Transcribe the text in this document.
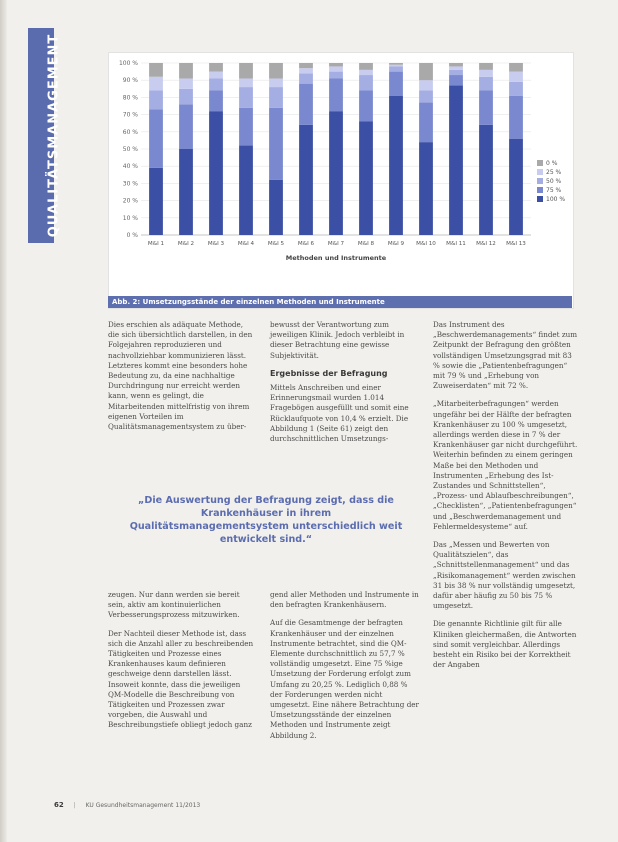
QUALITÄTSMANAGEMENT	0 %
10 %
20 %
30 %
40 %
50 %
60 %
70 %
80 %
90 %
100 %
M&I 1 M&I 2 M&I 3 M&I 4 M&I 5 M&I 6 M&I 7 M&I 8 M&I 9 M&I 10 M&I 11 M&I 12 M&I 13
Methoden und Instrumente
0 %
25 %
50 %
75 %
100 %
Abb. 2: Umsetzungsstände der einzelnen Methoden und Instrumente

Dies erschien als adäquate Methode, die sich übersichtlich darstellen, in den Folgejahren reproduzieren und nachvollziehbar kommunizieren lässt. Letzteres kommt eine besonders hohe Bedeutung zu, da eine nachhaltige Durchdringung nur erreicht werden kann, wenn es gelingt, die Mitarbeitenden mittelfristig von ihrem eigenen Vorteilen im Qualitätsmanagementsystem zu über-

bewusst der Verantwortung zum jeweiligen Klinik. Jedoch verbleibt in dieser Betrachtung eine gewisse Subjektivität.

Ergebnisse der Befragung

Mittels Anschreiben und einer Erinnerungsmail wurden 1.014 Fragebögen ausgefüllt und somit eine Rücklaufquote von 10,4 % erzielt. Die Abbildung 1 (Seite 61) zeigt den durchschnittlichen Umsetzungs-

Das Instrument des „Beschwerdemanagements“ findet zum Zeitpunkt der Befragung den größten vollständigen Umsetzungsgrad mit 83 % sowie die „Patientenbefragungen“ mit 79 % und „Erhebung von Zuweiserdaten“ mit 72 %.

„Mitarbeiterbefragungen“ werden ungefähr bei der Hälfte der befragten Krankenhäuser zu 100 % umgesetzt, allerdings werden diese in 7 % der Krankenhäuser gar nicht durchgeführt. Weiterhin befinden zu einem geringen Maße bei den Methoden und Instrumenten „Erhebung des Ist-Zustandes und Schnittstellen“, „Prozess- und Ablaufbeschreibungen“, „Checklisten“, „Patientenbefragungen“ und „Beschwerdemanagement und Fehlermeldesysteme“ auf.

Das „Messen und Bewerten von Qualitätszielen“, das „Schnittstellenmanagement“ und das „Risikomanagement“ werden zwischen 31 bis 38 % nur vollständig umgesetzt, dafür aber häufig zu 50 bis 75 % umgesetzt.

Die genannte Richtlinie gilt für alle Kliniken gleichermaßen, die Antworten sind somit vergleichbar. Allerdings besteht ein Risiko bei der Korrektheit der Angaben

„Die Auswertung der Befragung zeigt, dass die Krankenhäuser in ihrem Qualitätsmanagementsystem unterschiedlich weit entwickelt sind.“

zeugen. Nur dann werden sie bereit sein, aktiv am kontinuierlichen Verbesserungsprozess mitzuwirken.

Der Nachteil dieser Methode ist, dass sich die Anzahl aller zu beschreibenden Tätigkeiten und Prozesse eines Krankenhauses kaum definieren geschweige denn darstellen lässt. Insoweit konnte, dass die jeweiligen QM-Modelle die Beschreibung von Tätigkeiten und Prozessen zwar vorgeben, die Auswahl und Beschreibungstiefe obliegt jedoch ganz

gend aller Methoden und Instrumente in den befragten Krankenhäusern.

Auf die Gesamtmenge der befragten Krankenhäuser und der einzelnen Instrumente betrachtet, sind die QM-Elemente durchschnittlich zu 57,7 % vollständig umgesetzt. Eine 75 %ige Umsetzung der Forderung erfolgt zum Umfang zu 20,25 %. Lediglich 0,88 % der Forderungen werden nicht umgesetzt. Eine nähere Betrachtung der Umsetzungsstände der einzelnen Methoden und Instrumente zeigt Abbildung 2.

62 | KU Gesundheitsmanagement 11/2013
